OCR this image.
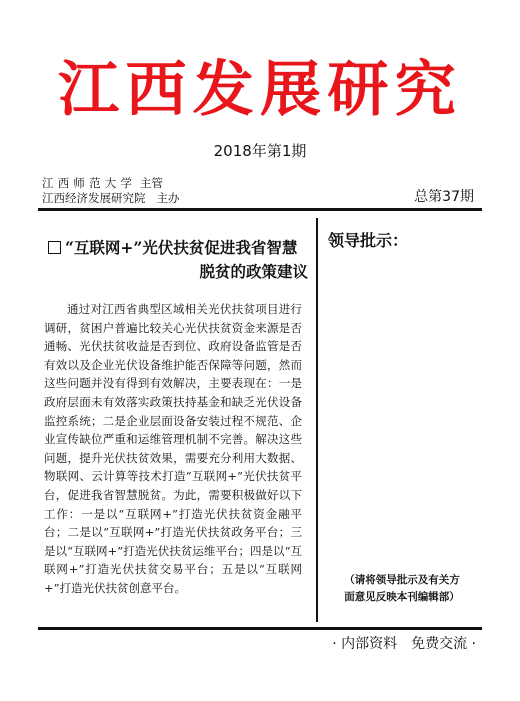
江西发展研究
2018年第1期
江西师范大学 主管
江西经济发展研究院 主办	总第37期
“互联网+”光伏扶贫促进我省智慧
脱贫的政策建议
通过对江西省典型区域相关光伏扶贫项目进行调研，贫困户普遍比较关心光伏扶贫资金来源是否通畅、光伏扶贫收益是否到位、政府设备监管是否有效以及企业光伏设备维护能否保障等问题，然而这些问题并没有得到有效解决，主要表现在：一是政府层面未有效落实政策扶持基金和缺乏光伏设备监控系统；二是企业层面设备安装过程不规范、企业宣传缺位严重和运维管理机制不完善。解决这些问题，提升光伏扶贫效果，需要充分利用大数据、物联网、云计算等技术打造“互联网+”光伏扶贫平台，促进我省智慧脱贫。为此，需要积极做好以下工作：一是以“互联网+”打造光伏扶贫资金融平台；二是以“互联网+”打造光伏扶贫政务平台；三是以“互联网+”打造光伏扶贫运维平台；四是以“互联网+”打造光伏扶贫交易平台；五是以“互联网+”打造光伏扶贫创意平台。
领导批示：
（请将领导批示及有关方
面意见反映本刊编辑部）
· 内部资料　免费交流 ·
